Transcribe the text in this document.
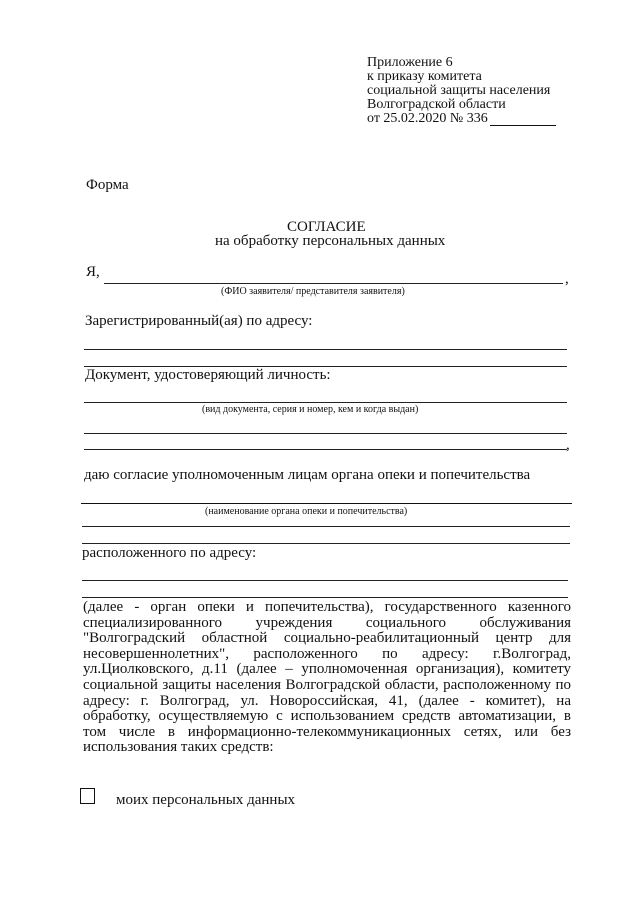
Приложение 6
к приказу комитета
социальной защиты населения
Волгоградской области
от 25.02.2020 № 336
Форма
СОГЛАСИЕ
на обработку персональных данных
Я,	,
(ФИО заявителя/ представителя заявителя)
Зарегистрированный(ая) по адресу:
Документ, удостоверяющий личность:
(вид документа, серия и номер, кем и когда выдан)
,
даю согласие уполномоченным лицам органа опеки и попечительства
(наименование органа опеки и попечительства)
расположенного по адресу:

(далее - орган опеки и попечительства), государственного казенного специализированного учреждения социального обслуживания "Волгоградский областной социально-реабилитационный центр для несовершеннолетних", расположенного по адресу: г.Волгоград, ул.Циолковского, д.11 (далее – уполномоченная организация), комитету социальной защиты населения Волгоградской области, расположенному по адресу: г. Волгоград, ул. Новороссийская, 41, (далее - комитет), на обработку, осуществляемую с использованием средств автоматизации, в том числе в информационно-телекоммуникационных сетях, или без использования таких средств:

моих персональных данных
